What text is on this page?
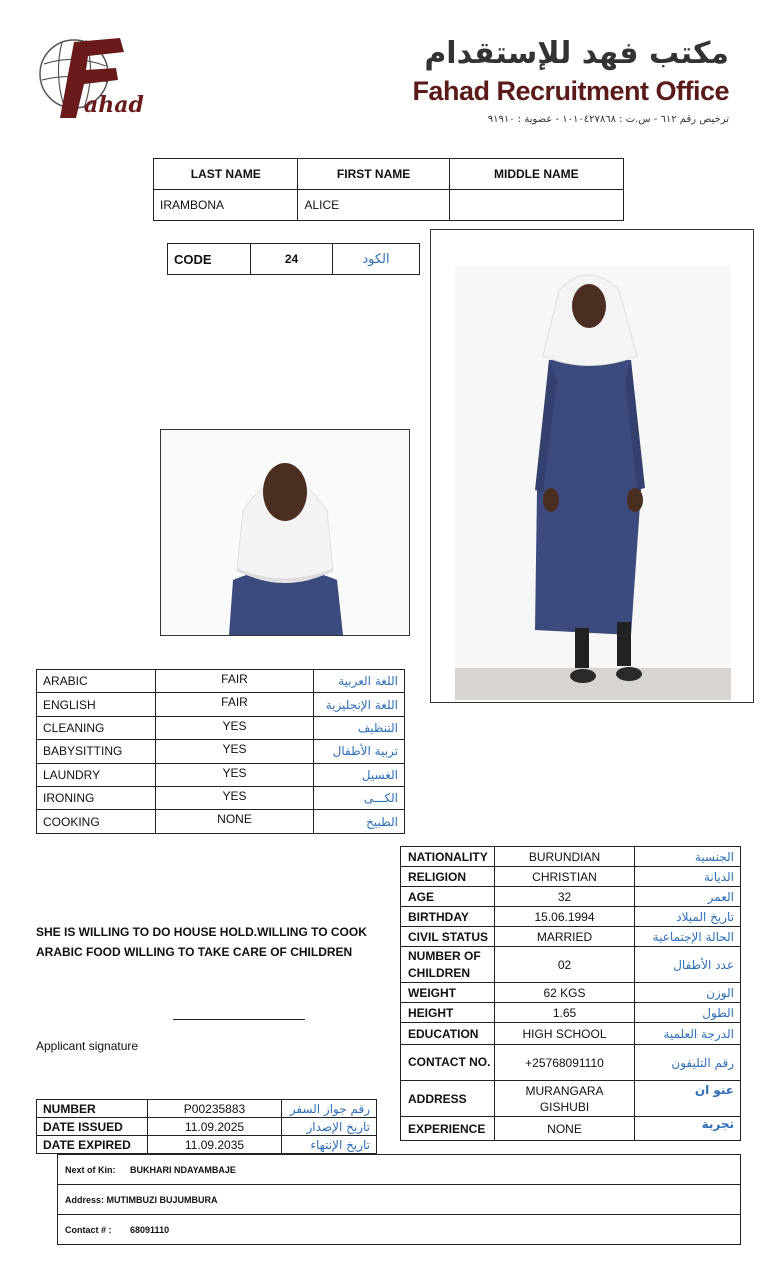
ahad
مكتب فهد للإستقدام
Fahad Recruitment Office
ترخيص رقم ٦١٢ - س.ت : ١٠١٠٤٢٧٨٦٨ - عضوية : ٩١٩١٠
LAST NAME	FIRST NAME	MIDDLE NAME
IRAMBONA	ALICE	
CODE	24	الكود
ARABIC	FAIR	اللغة العربية
ENGLISH	FAIR	اللغة الإنجليزية
CLEANING	YES	التنظيف
BABYSITTING	YES	تربية الأطفال
LAUNDRY	YES	الغسيل
IRONING	YES	الكـــى
COOKING	NONE	الطبيخ
NATIONALITY	BURUNDIAN	الجنسية
RELIGION	CHRISTIAN	الديانة
AGE	32	العمر
BIRTHDAY	15.06.1994	تاريخ الميلاد
CIVIL STATUS	MARRIED	الحالة الإجتماعية
NUMBER OF CHILDREN	02	عدد الأطفال
WEIGHT	62 KGS	الوزن
HEIGHT	1.65	الطول
EDUCATION	HIGH SCHOOL	الدرجة العلمية
CONTACT NO.	+25768091110	رقم التليفون
ADDRESS	MURANGARA GISHUBI	عنو ان
EXPERIENCE	NONE	تجربة
SHE IS WILLING TO DO HOUSE HOLD.WILLING TO COOK ARABIC FOOD WILLING TO TAKE CARE OF CHILDREN
Applicant signature
NUMBER	P00235883	رقم جواز السفر
DATE ISSUED	11.09.2025	تاريخ الإصدار
DATE EXPIRED	11.09.2035	تاريخ الإنتهاء
Next of Kin: BUKHARI NDAYAMBAJE
Address: MUTIMBUZI BUJUMBURA
Contact # : 68091110
